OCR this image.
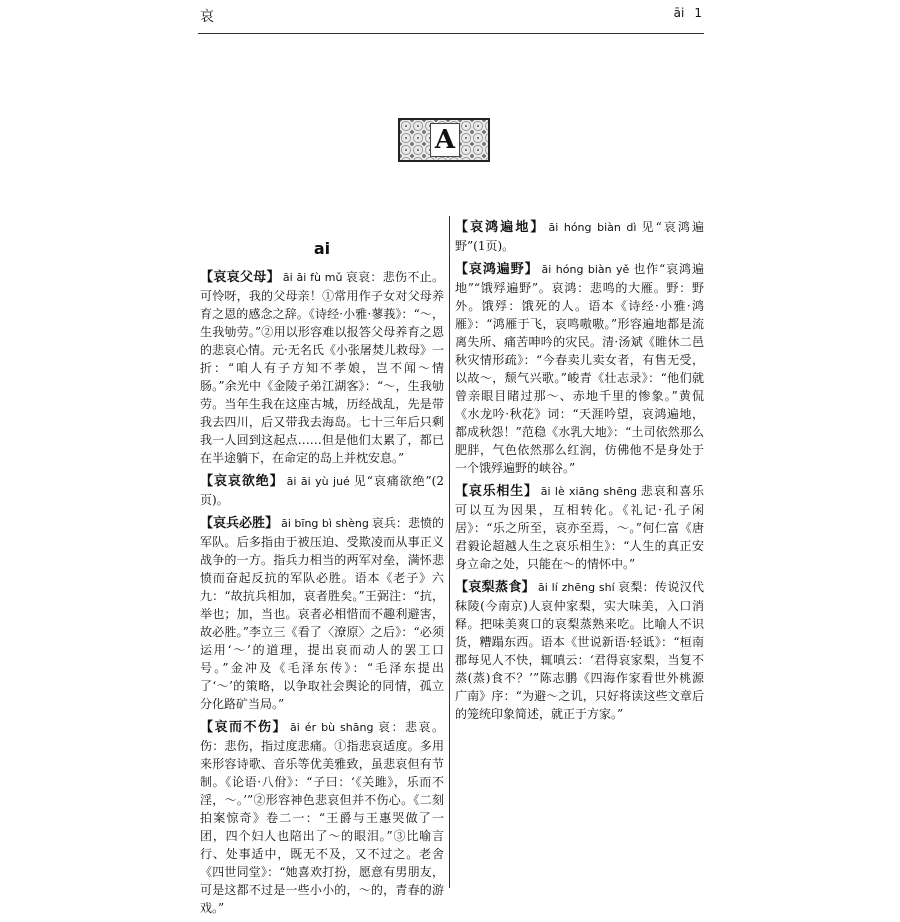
哀	āi 1
A
ai

【哀哀父母】 āi āi fù mǔ 哀哀：悲伤不止。可怜呀，我的父母亲！①常用作子女对父母养育之恩的感念之辞。《诗经·小雅·蓼莪》：“～，生我劬劳。”②用以形容难以报答父母养育之恩的悲哀心情。元·无名氏《小张屠焚儿救母》一折：“咱人有子方知不孝娘，岂不闻～情肠。”余光中《金陵子弟江湖客》：“～，生我劬劳。当年生我在这座古城，历经战乱，先是带我去四川，后又带我去海岛。七十三年后只剩我一人回到这起点……但是他们太累了，都已在半途躺下，在命定的岛上并枕安息。”

【哀哀欲绝】 āi āi yù jué 见“哀痛欲绝”(2页)。

【哀兵必胜】 āi bīng bì shèng 哀兵：悲愤的军队。后多指由于被压迫、受欺凌而从事正义战争的一方。指兵力相当的两军对垒，满怀悲愤而奋起反抗的军队必胜。语本《老子》六九：“故抗兵相加，哀者胜矣。”王弼注：“抗，举也；加，当也。哀者必相惜而不趣利避害，故必胜。”李立三《看了〈潦原〉之后》：“必须运用‘～’的道理，提出哀而动人的罢工口号。”金冲及《毛泽东传》：“毛泽东提出了‘～’的策略，以争取社会舆论的同情，孤立分化路矿当局。”

【哀而不伤】 āi ér bù shāng 哀：悲哀。伤：悲伤，指过度悲痛。①指悲哀适度。多用来形容诗歌、音乐等优美雅致，虽悲哀但有节制。《论语·八佾》：“子曰：‘《关雎》，乐而不淫，～。’”②形容神色悲哀但并不伤心。《二刻拍案惊奇》卷二一：“王爵与王惠哭做了一团，四个妇人也陪出了～的眼泪。”③比喻言行、处事适中，既无不及，又不过之。老舍《四世同堂》：“她喜欢打扮，愿意有男朋友，可是这都不过是一些小小的，～的，青春的游戏。”

【哀鸿遍地】 āi hóng biàn dì 见“哀鸿遍野”(1页)。

【哀鸿遍野】 āi hóng biàn yě 也作“哀鸿遍地”“饿殍遍野”。哀鸿：悲鸣的大雁。野：野外。饿殍：饿死的人。语本《诗经·小雅·鸿雁》：“鸿雁于飞，哀鸣嗷嗷。”形容遍地都是流离失所、痛苦呻吟的灾民。清·汤斌《睢休二邑秋灾情形疏》：“今春卖儿卖女者，有售无受，以故～，颓气兴歌。”峻青《壮志录》：“他们就曾亲眼目睹过那～、赤地千里的惨象。”黄侃《水龙吟·秋花》词：“天涯吟望，哀鸿遍地，都成秋怨！”范稳《水乳大地》：“土司依然那么肥胖，气色依然那么红润，仿佛他不是身处于一个饿殍遍野的峡谷。”

【哀乐相生】 āi lè xiāng shēng 悲哀和喜乐可以互为因果，互相转化。《礼记·孔子闲居》：“乐之所至，哀亦至焉，～。”何仁富《唐君毅论超越人生之哀乐相生》：“人生的真正安身立命之处，只能在～的情怀中。”

【哀梨蒸食】 āi lí zhēng shí 哀梨：传说汉代秣陵(今南京)人哀仲家梨，实大味美，入口消释。把味美爽口的哀梨蒸熟来吃。比喻人不识货，糟蹋东西。语本《世说新语·轻诋》：“桓南郡每见人不快，辄嗔云：‘君得哀家梨，当复不蒸(蒸)食不？’”陈志鹏《四海作家看世外桃源　广南》序：“为避～之讥，只好将读这些文章后的笼统印象简述，就正于方家。”
